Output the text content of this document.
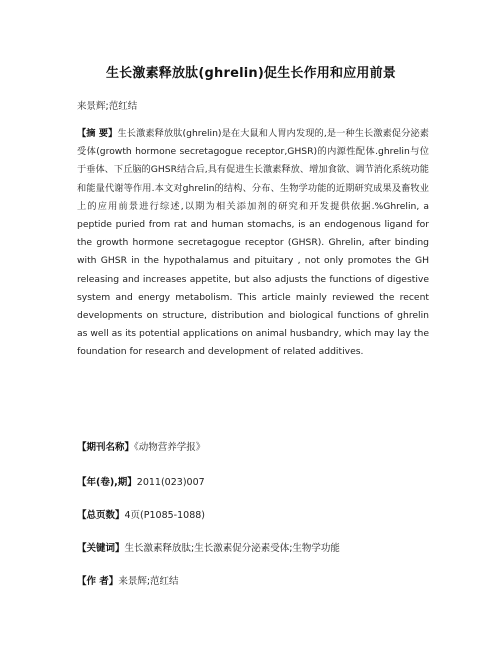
生长激素释放肽(ghrelin)促生长作用和应用前景
来景辉;范红结
【摘 要】生长激素释放肽(ghrelin)是在大鼠和人胃内发现的,是一种生长激素促分泌素受体(growth hormone secretagogue receptor,GHSR)的内源性配体.ghrelin与位于垂体、下丘脑的GHSR结合后,具有促进生长激素释放、增加食欲、调节消化系统功能和能量代谢等作用.本文对ghrelin的结构、分布、生物学功能的近期研究成果及畜牧业上的应用前景进行综述,以期为相关添加剂的研究和开发提供依据.%Ghrelin, a peptide puried from rat and human stomachs, is an endogenous ligand for the growth hormone secretagogue receptor (GHSR). Ghrelin, after binding with GHSR in the hypothalamus and pituitary , not only promotes the GH releasing and increases appetite, but also adjusts the functions of digestive system and energy metabolism. This article mainly reviewed the recent developments on structure, distribution and biological functions of ghrelin as well as its potential applications on animal husbandry, which may lay the foundation for research and development of related additives.
【期刊名称】《动物营养学报》
【年(卷),期】2011(023)007
【总页数】4页(P1085-1088)
【关键词】生长激素释放肽;生长激素促分泌素受体;生物学功能
【作 者】来景辉;范红结
